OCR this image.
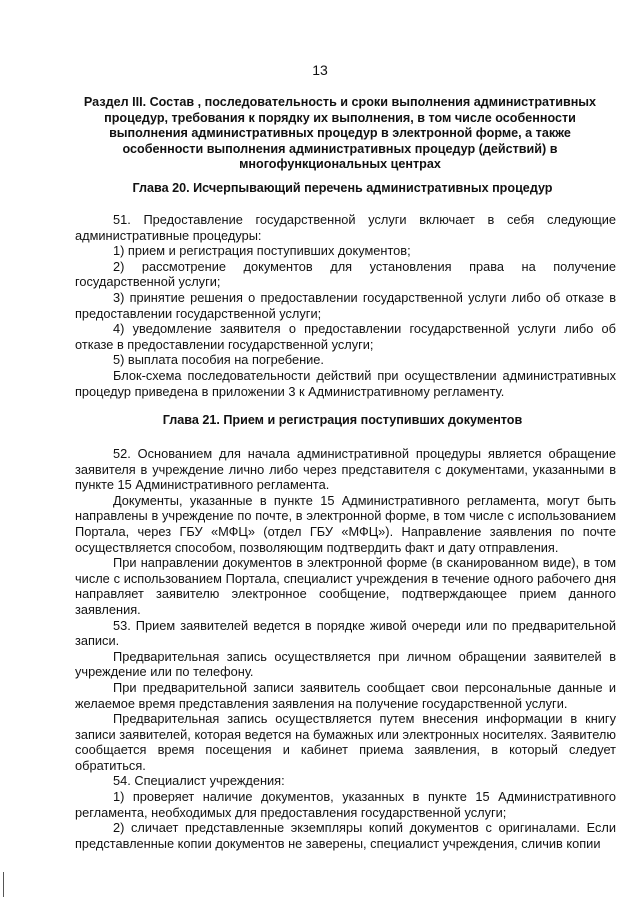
13
Раздел III. Состав , последовательность и сроки выполнения административных процедур, требования к порядку их выполнения, в том числе особенности выполнения административных процедур в электронной форме, а также особенности выполнения административных процедур (действий) в многофункциональных центрах
Глава 20. Исчерпывающий перечень административных процедур

51. Предоставление государственной услуги включает в себя следующие административные процедуры:

1) прием и регистрация поступивших документов;

2) рассмотрение документов для установления права на получение государственной услуги;

3) принятие решения о предоставлении государственной услуги либо об отказе в предоставлении государственной услуги;

4) уведомление заявителя о предоставлении государственной услуги либо об отказе в предоставлении государственной услуги;

5) выплата пособия на погребение.

Блок-схема последовательности действий при осуществлении административных процедур приведена в приложении 3 к Административному регламенту.

Глава 21. Прием и регистрация поступивших документов

52. Основанием для начала административной процедуры является обращение заявителя в учреждение лично либо через представителя с документами, указанными в пункте 15 Административного регламента.

Документы, указанные в пункте 15 Административного регламента, могут быть направлены в учреждение по почте, в электронной форме, в том числе с использованием Портала, через ГБУ «МФЦ» (отдел ГБУ «МФЦ»). Направление заявления по почте осуществляется способом, позволяющим подтвердить факт и дату отправления.

При направлении документов в электронной форме (в сканированном виде), в том числе с использованием Портала, специалист учреждения в течение одного рабочего дня направляет заявителю электронное сообщение, подтверждающее прием данного заявления.

53. Прием заявителей ведется в порядке живой очереди или по предварительной записи.

Предварительная запись осуществляется при личном обращении заявителей в учреждение или по телефону.

При предварительной записи заявитель сообщает свои персональные данные и желаемое время представления заявления на получение государственной услуги.

Предварительная запись осуществляется путем внесения информации в книгу записи заявителей, которая ведется на бумажных или электронных носителях. Заявителю сообщается время посещения и кабинет приема заявления, в который следует обратиться.

54. Специалист учреждения:

1) проверяет наличие документов, указанных в пункте 15 Административного регламента, необходимых для предоставления государственной услуги;

2) сличает представленные экземпляры копий документов с оригиналами. Если представленные копии документов не заверены, специалист учреждения, сличив копии
